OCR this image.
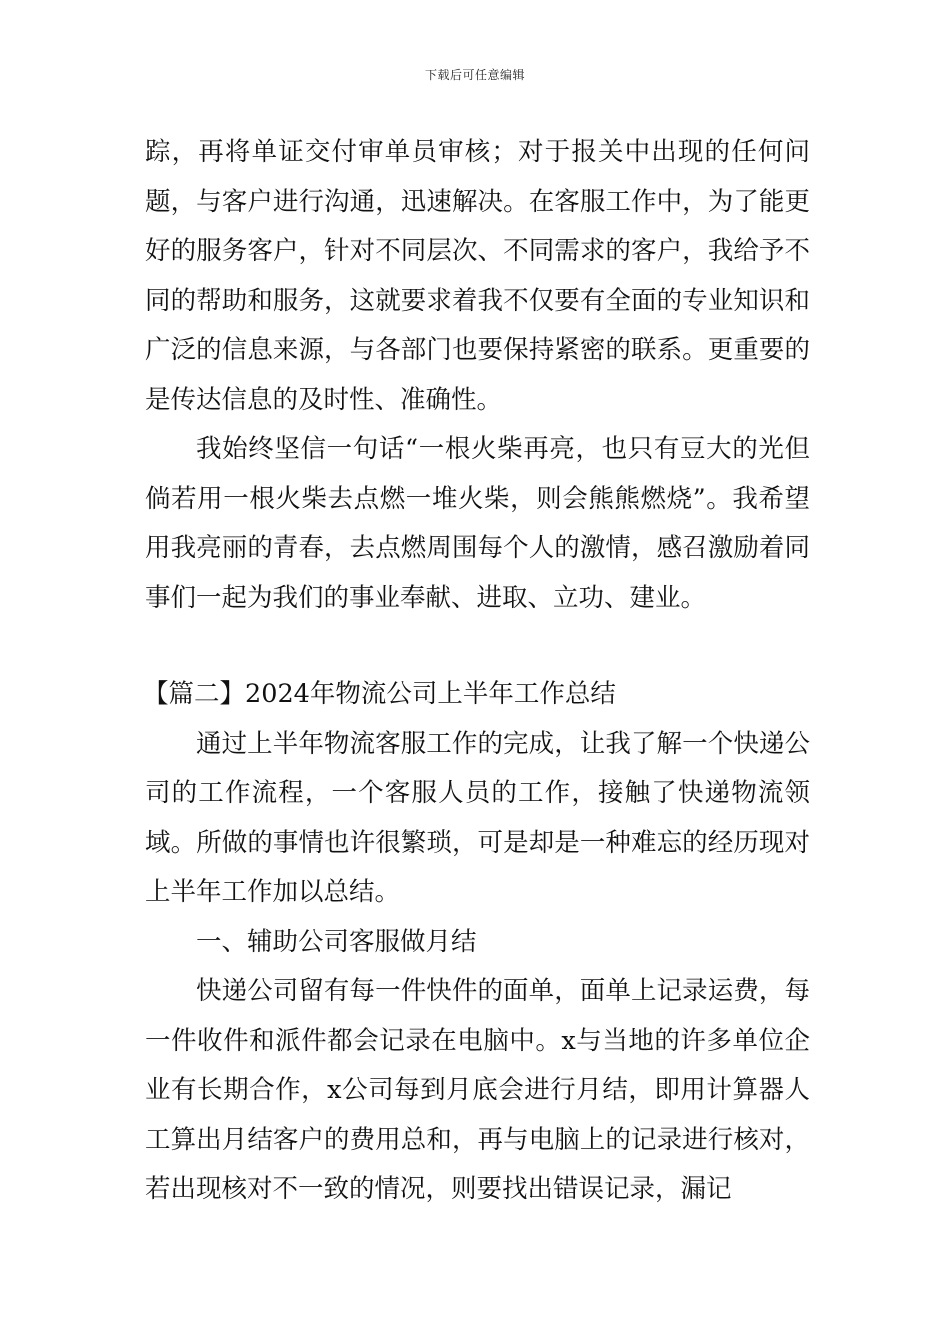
下载后可任意编辑

踪，再将单证交付审单员审核；对于报关中出现的任何问题，与客户进行沟通，迅速解决。在客服工作中，为了能更好的服务客户，针对不同层次、不同需求的客户，我给予不同的帮助和服务，这就要求着我不仅要有全面的专业知识和广泛的信息来源，与各部门也要保持紧密的联系。更重要的是传达信息的及时性、准确性。

我始终坚信一句话“一根火柴再亮，也只有豆大的光但倘若用一根火柴去点燃一堆火柴，则会熊熊燃烧”。我希望用我亮丽的青春，去点燃周围每个人的激情，感召激励着同事们一起为我们的事业奉献、进取、立功、建业。

【篇二】2024年物流公司上半年工作总结

通过上半年物流客服工作的完成，让我了解一个快递公司的工作流程，一个客服人员的工作，接触了快递物流领域。所做的事情也许很繁琐，可是却是一种难忘的经历现对上半年工作加以总结。

一、辅助公司客服做月结

快递公司留有每一件快件的面单，面单上记录运费，每一件收件和派件都会记录在电脑中。x与当地的许多单位企业有长期合作，x公司每到月底会进行月结，即用计算器人工算出月结客户的费用总和，再与电脑上的记录进行核对，若出现核对不一致的情况，则要找出错误记录，漏记
